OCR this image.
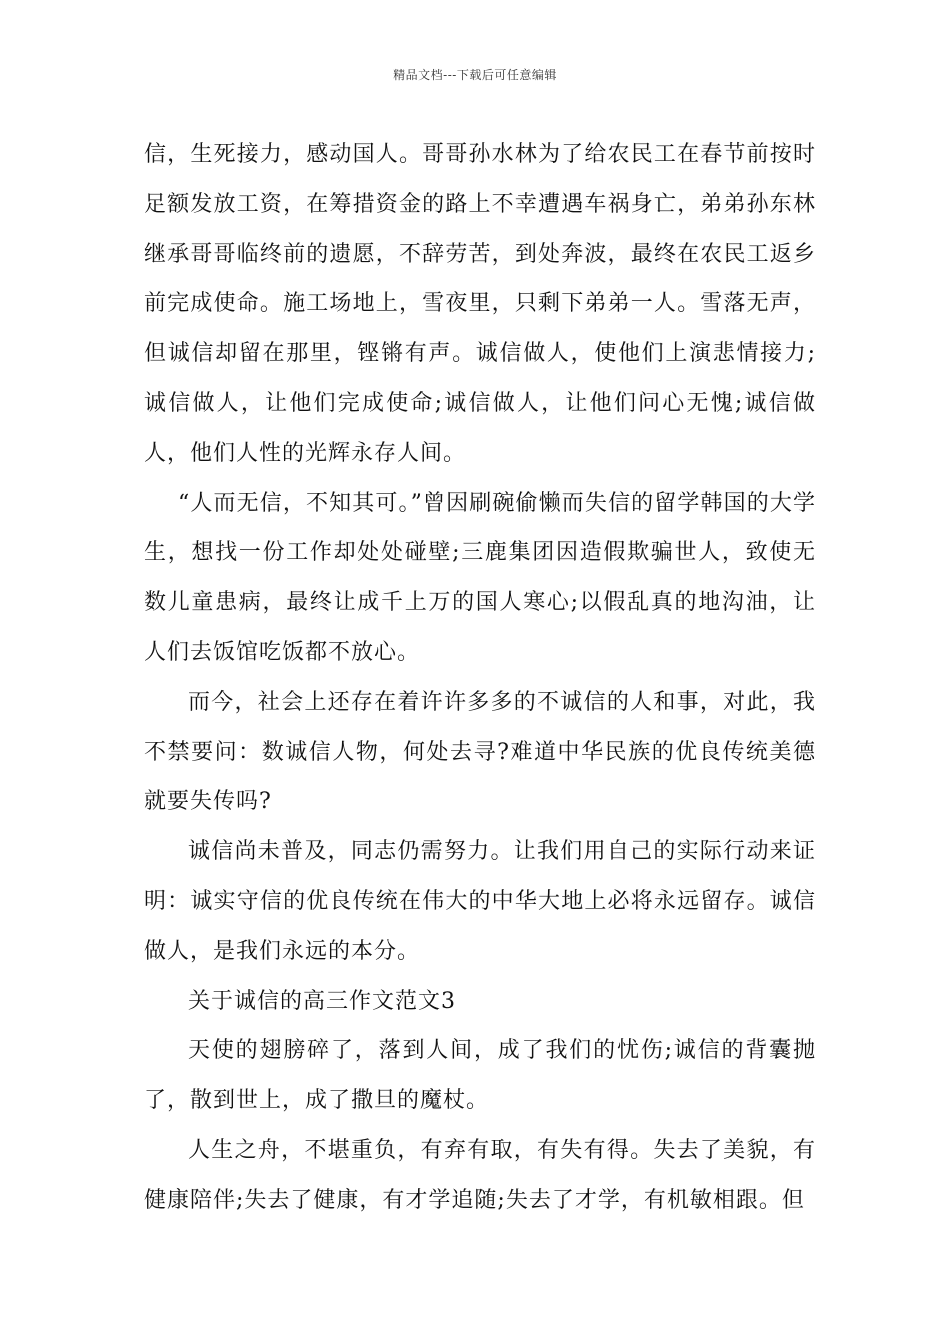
精品文档---下载后可任意编辑

信，生死接力，感动国人。哥哥孙水林为了给农民工在春节前按时足额发放工资，在筹措资金的路上不幸遭遇车祸身亡，弟弟孙东林继承哥哥临终前的遗愿，不辞劳苦，到处奔波，最终在农民工返乡前完成使命。施工场地上，雪夜里，只剩下弟弟一人。雪落无声，但诚信却留在那里，铿锵有声。诚信做人，使他们上演悲情接力;诚信做人，让他们完成使命;诚信做人，让他们问心无愧;诚信做人，他们人性的光辉永存人间。

“人而无信，不知其可。”曾因刷碗偷懒而失信的留学韩国的大学生，想找一份工作却处处碰壁;三鹿集团因造假欺骗世人，致使无数儿童患病，最终让成千上万的国人寒心;以假乱真的地沟油，让人们去饭馆吃饭都不放心。

而今，社会上还存在着许许多多的不诚信的人和事，对此，我不禁要问：数诚信人物，何处去寻?难道中华民族的优良传统美德就要失传吗?

诚信尚未普及，同志仍需努力。让我们用自己的实际行动来证明：诚实守信的优良传统在伟大的中华大地上必将永远留存。诚信做人，是我们永远的本分。

关于诚信的高三作文范文3

天使的翅膀碎了，落到人间，成了我们的忧伤;诚信的背囊抛了，散到世上，成了撒旦的魔杖。

人生之舟，不堪重负，有弃有取，有失有得。失去了美貌，有健康陪伴;失去了健康，有才学追随;失去了才学，有机敏相跟。但
